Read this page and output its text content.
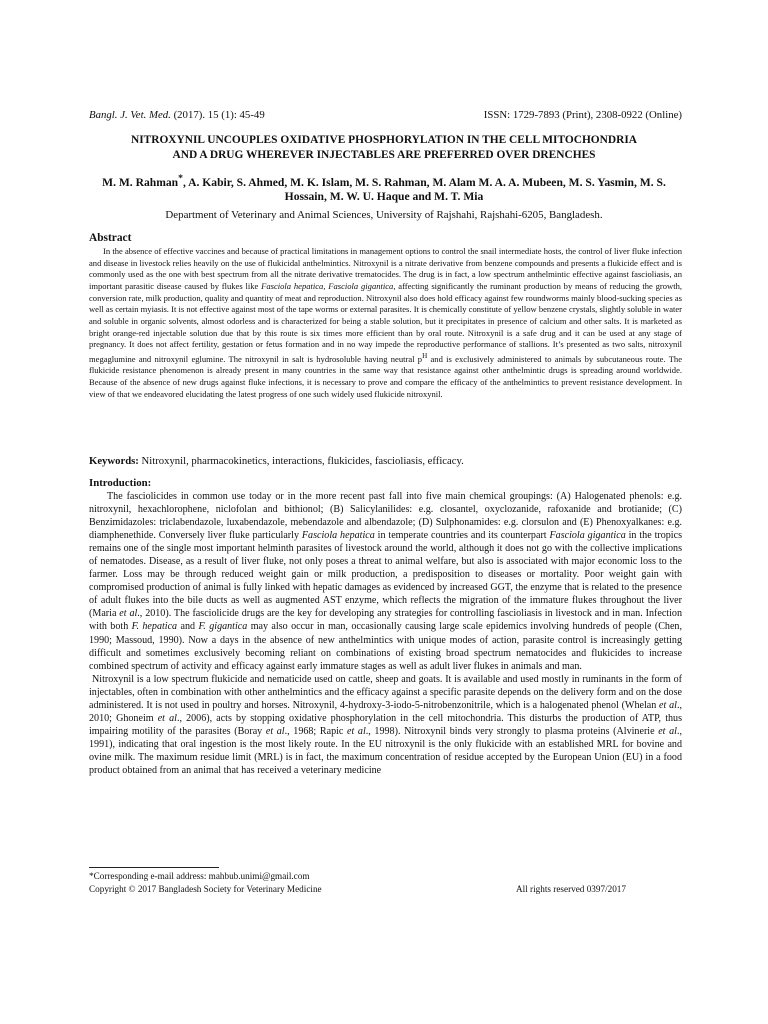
Bangl. J. Vet. Med. (2017). 15 (1): 45-49	ISSN: 1729-7893 (Print), 2308-0922 (Online)
NITROXYNIL UNCOUPLES OXIDATIVE PHOSPHORYLATION IN THE CELL MITOCHONDRIA
AND A DRUG WHEREVER INJECTABLES ARE PREFERRED OVER DRENCHES
M. M. Rahman*, A. Kabir, S. Ahmed, M. K. Islam, M. S. Rahman, M. Alam M. A. A. Mubeen, M. S. Yasmin, M. S.
Hossain, M. W. U. Haque and M. T. Mia
Department of Veterinary and Animal Sciences, University of Rajshahi, Rajshahi-6205, Bangladesh.
Abstract
In the absence of effective vaccines and because of practical limitations in management options to control the snail intermediate hosts, the control of liver fluke infection and disease in livestock relies heavily on the use of flukicidal anthelmintics. Nitroxynil is a nitrate derivative from benzene compounds and presents a flukicide effect and is commonly used as the one with best spectrum from all the nitrate derivative trematocides. The drug is in fact, a low spectrum anthelmintic effective against fascioliasis, an important parasitic disease caused by flukes like Fasciola hepatica, Fasciola gigantica, affecting significantly the ruminant production by means of reducing the growth, conversion rate, milk production, quality and quantity of meat and reproduction. Nitroxynil also does hold efficacy against few roundworms mainly blood-sucking species as well as certain myiasis. It is not effective against most of the tape worms or external parasites. It is chemically constitute of yellow benzene crystals, slightly soluble in water and soluble in organic solvents, almost odorless and is characterized for being a stable solution, but it precipitates in presence of calcium and other salts. It is marketed as bright orange-red injectable solution due that by this route is six times more efficient than by oral route. Nitroxynil is a safe drug and it can be used at any stage of pregnancy. It does not affect fertility, gestation or fetus formation and in no way impede the reproductive performance of stallions. It’s presented as two salts, nitroxynil megaglumine and nitroxynil eglumine. The nitroxynil in salt is hydrosoluble having neutral $p^H$ and is exclusively administered to animals by subcutaneous route. The flukicide resistance phenomenon is already present in many countries in the same way that resistance against other anthelmintic drugs is spreading around worldwide. Because of the absence of new drugs against fluke infections, it is necessary to prove and compare the efficacy of the anthelmintics to prevent resistance development. In view of that we endeavored elucidating the latest progress of one such widely used flukicide nitroxynil.
Keywords: Nitroxynil, pharmacokinetics, interactions, flukicides, fascioliasis, efficacy.
Introduction:

The fasciolicides in common use today or in the more recent past fall into five main chemical groupings: (A) Halogenated phenols: e.g. nitroxynil, hexachlorophene, niclofolan and bithionol; (B) Salicylanilides: e.g. closantel, oxyclozanide, rafoxanide and brotianide; (C) Benzimidazoles: triclabendazole, luxabendazole, mebendazole and albendazole; (D) Sulphonamides: e.g. clorsulon and (E) Phenoxyalkanes: e.g. diamphenethide. Conversely liver fluke particularly Fasciola hepatica in temperate countries and its counterpart Fasciola gigantica in the tropics remains one of the single most important helminth parasites of livestock around the world, although it does not go with the collective implications of nematodes. Disease, as a result of liver fluke, not only poses a threat to animal welfare, but also is associated with major economic loss to the farmer. Loss may be through reduced weight gain or milk production, a predisposition to diseases or mortality. Poor weight gain with compromised production of animal is fully linked with hepatic damages as evidenced by increased GGT, the enzyme that is related to the presence of adult flukes into the bile ducts as well as augmented AST enzyme, which reflects the migration of the immature flukes throughout the liver (Maria et al., 2010). The fasciolicide drugs are the key for developing any strategies for controlling fascioliasis in livestock and in man. Infection with both F. hepatica and F. gigantica may also occur in man, occasionally causing large scale epidemics involving hundreds of people (Chen, 1990; Massoud, 1990). Now a days in the absence of new anthelmintics with unique modes of action, parasite control is increasingly getting difficult and sometimes exclusively becoming reliant on combinations of existing broad spectrum nematocides and flukicides to increase combined spectrum of activity and efficacy against early immature stages as well as adult liver flukes in animals and man.

Nitroxynil is a low spectrum flukicide and nematicide used on cattle, sheep and goats. It is available and used mostly in ruminants in the form of injectables, often in combination with other anthelmintics and the efficacy against a specific parasite depends on the delivery form and on the dose administered. It is not used in poultry and horses. Nitroxynil, 4-hydroxy-3-iodo-5-nitrobenzonitrile, which is a halogenated phenol (Whelan et al., 2010; Ghoneim et al., 2006), acts by stopping oxidative phosphorylation in the cell mitochondria. This disturbs the production of ATP, thus impairing motility of the parasites (Boray et al., 1968; Rapic et al., 1998). Nitroxynil binds very strongly to plasma proteins (Alvinerie et al., 1991), indicating that oral ingestion is the most likely route. In the EU nitroxynil is the only flukicide with an established MRL for bovine and ovine milk. The maximum residue limit (MRL) is in fact, the maximum concentration of residue accepted by the European Union (EU) in a food product obtained from an animal that has received a veterinary medicine

*Corresponding e-mail address: mahbub.unimi@gmail.com
Copyright © 2017 Bangladesh Society for Veterinary Medicine	All rights reserved 0397/2017
